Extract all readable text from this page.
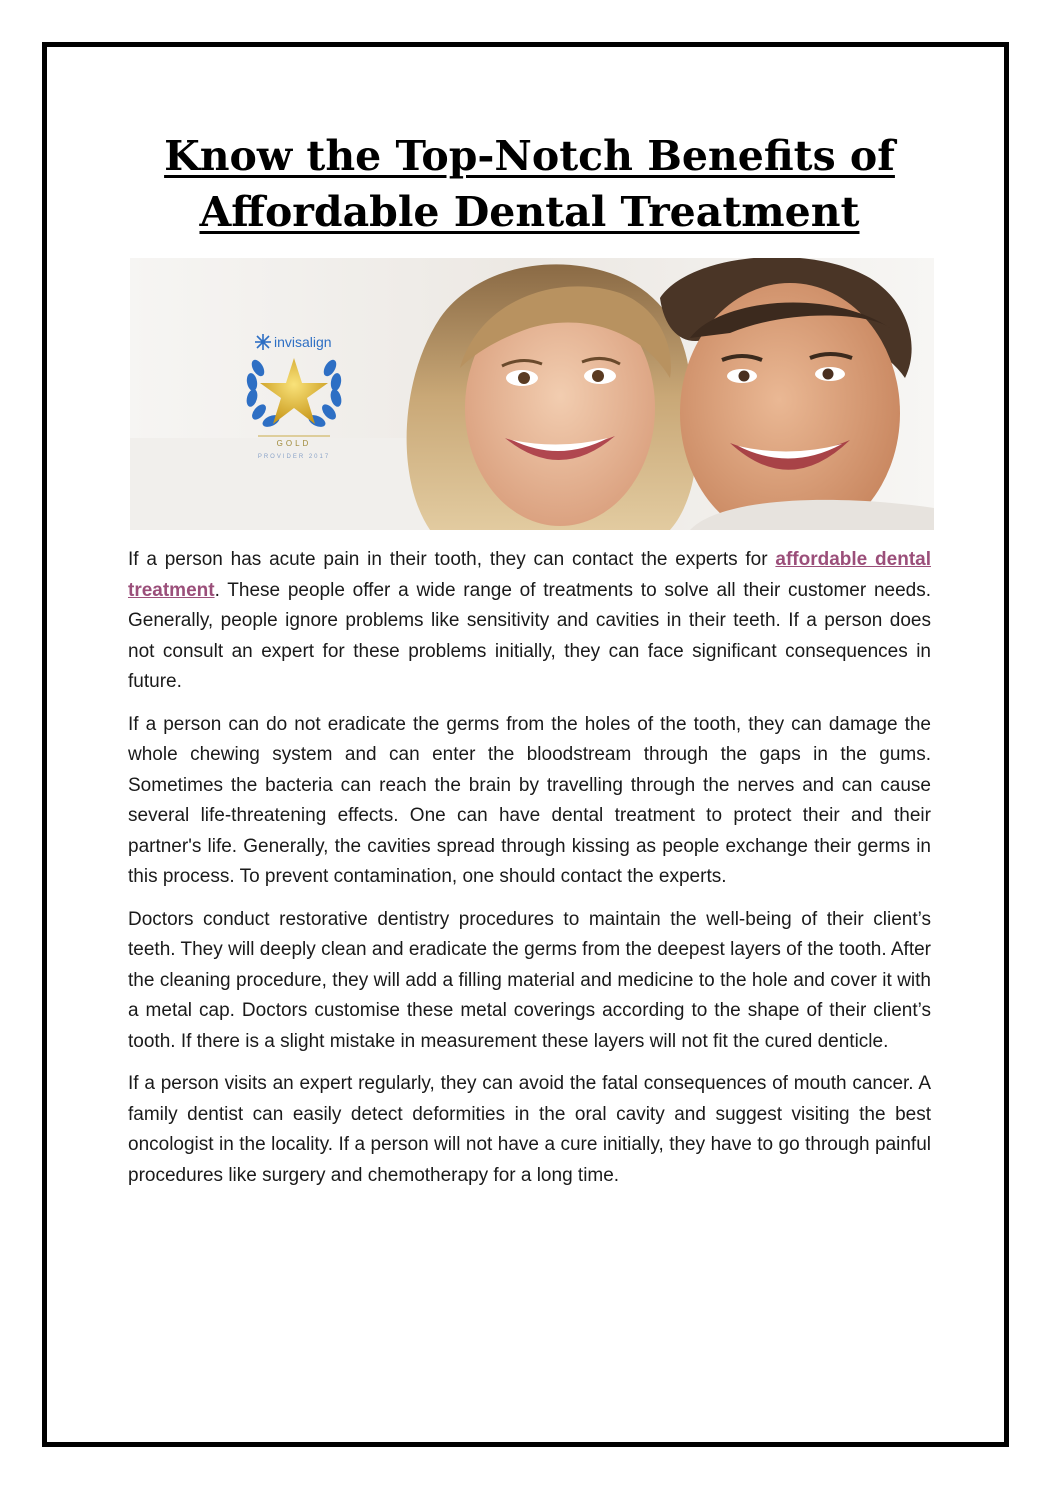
Know the Top-Notch Benefits of
Affordable Dental Treatment
invisalign
GOLD
PROVIDER 2017

If a person has acute pain in their tooth, they can contact the experts for affordable dental treatment. These people offer a wide range of treatments to solve all their customer needs. Generally, people ignore problems like sensitivity and cavities in their teeth. If a person does not consult an expert for these problems initially, they can face significant consequences in future.

If a person can do not eradicate the germs from the holes of the tooth, they can damage the whole chewing system and can enter the bloodstream through the gaps in the gums. Sometimes the bacteria can reach the brain by travelling through the nerves and can cause several life-threatening effects. One can have dental treatment to protect their and their partner's life. Generally, the cavities spread through kissing as people exchange their germs in this process. To prevent contamination, one should contact the experts.

Doctors conduct restorative dentistry procedures to maintain the well-being of their client’s teeth. They will deeply clean and eradicate the germs from the deepest layers of the tooth. After the cleaning procedure, they will add a filling material and medicine to the hole and cover it with a metal cap. Doctors customise these metal coverings according to the shape of their client’s tooth. If there is a slight mistake in measurement these layers will not fit the cured denticle.

If a person visits an expert regularly, they can avoid the fatal consequences of mouth cancer. A family dentist can easily detect deformities in the oral cavity and suggest visiting the best oncologist in the locality. If a person will not have a cure initially, they have to go through painful procedures like surgery and chemotherapy for a long time.
